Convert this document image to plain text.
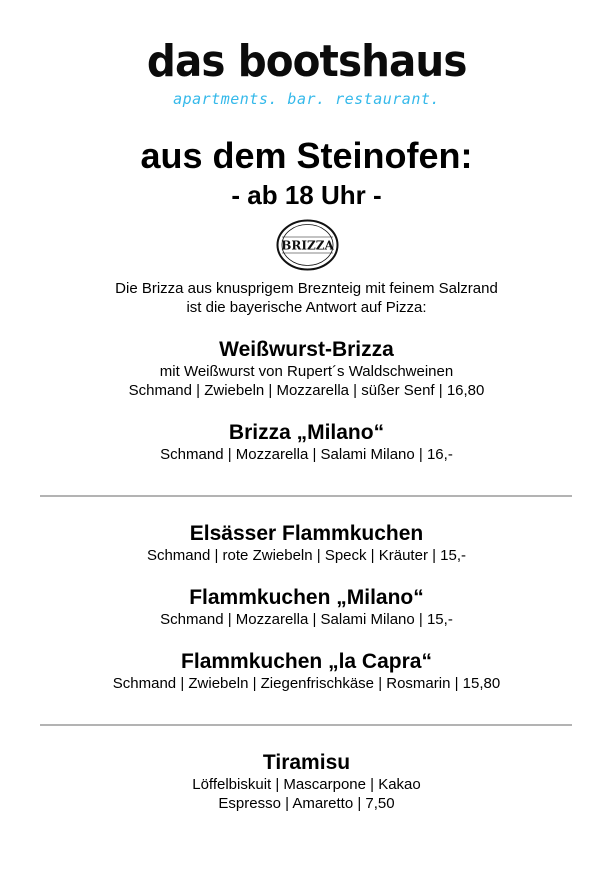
das bootshaus
apartments. bar. restaurant.
aus dem Steinofen:
- ab 18 Uhr -
BRIZZA
Die Brizza aus knusprigem Breznteig mit feinem Salzrand
ist die bayerische Antwort auf Pizza:
Weißwurst-Brizza
mit Weißwurst von Rupert´s Waldschweinen
Schmand | Zwiebeln | Mozzarella | süßer Senf | 16,80
Brizza „Milano“
Schmand | Mozzarella | Salami Milano | 16,-
Elsässer Flammkuchen
Schmand | rote Zwiebeln | Speck | Kräuter | 15,-
Flammkuchen „Milano“
Schmand | Mozzarella | Salami Milano | 15,-
Flammkuchen „la Capra“
Schmand | Zwiebeln | Ziegenfrischkäse | Rosmarin | 15,80
Tiramisu
Löffelbiskuit | Mascarpone | Kakao
Espresso | Amaretto | 7,50
